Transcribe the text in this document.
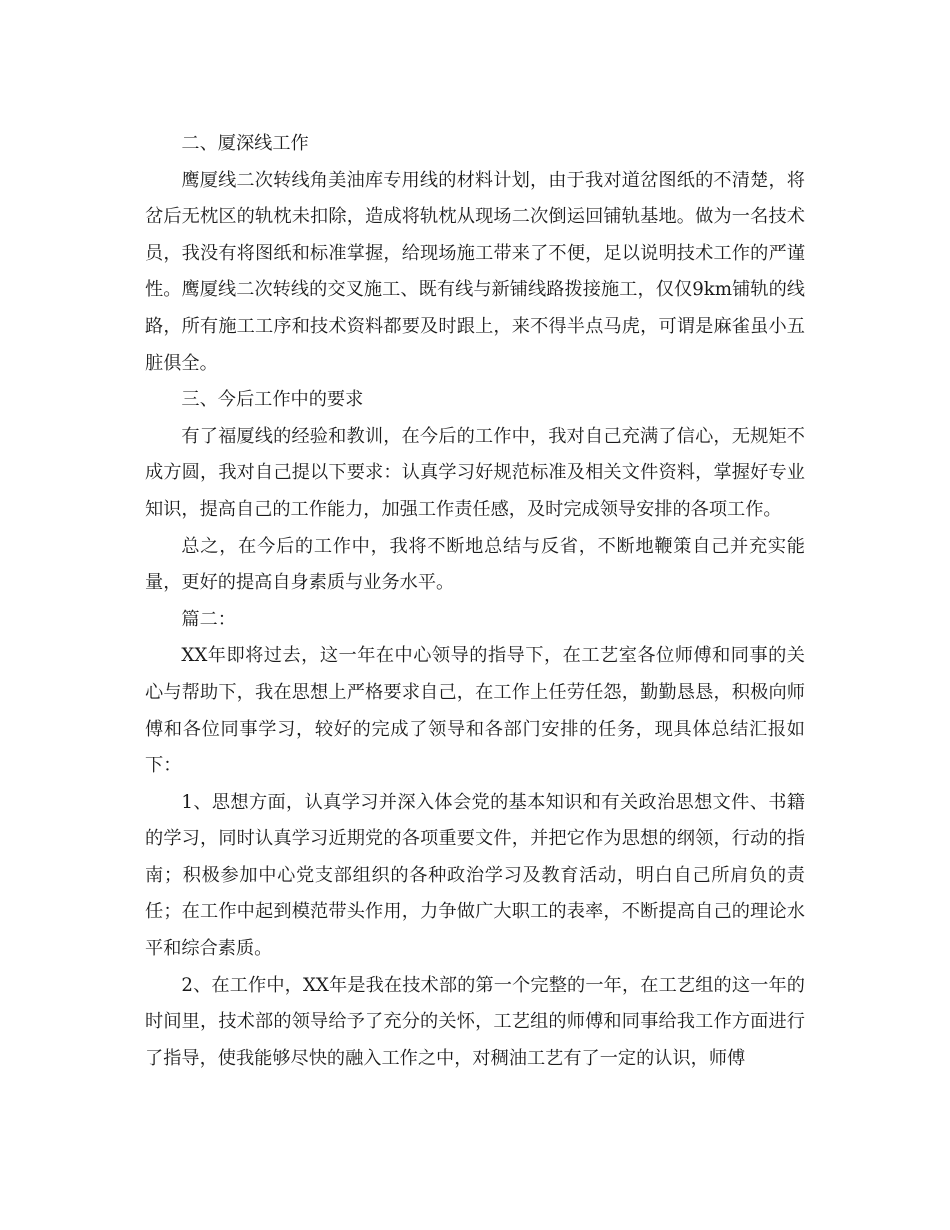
二、厦深线工作

鹰厦线二次转线角美油库专用线的材料计划，由于我对道岔图纸的不清楚，将岔后无枕区的轨枕未扣除，造成将轨枕从现场二次倒运回铺轨基地。做为一名技术员，我没有将图纸和标准掌握，给现场施工带来了不便，足以说明技术工作的严谨性。鹰厦线二次转线的交叉施工、既有线与新铺线路拨接施工，仅仅9km铺轨的线路，所有施工工序和技术资料都要及时跟上，来不得半点马虎，可谓是麻雀虽小五脏俱全。

三、今后工作中的要求

有了福厦线的经验和教训，在今后的工作中，我对自己充满了信心，无规矩不成方圆，我对自己提以下要求：认真学习好规范标准及相关文件资料，掌握好专业知识，提高自己的工作能力，加强工作责任感，及时完成领导安排的各项工作。

总之，在今后的工作中，我将不断地总结与反省，不断地鞭策自己并充实能量，更好的提高自身素质与业务水平。

篇二：

XX年即将过去，这一年在中心领导的指导下，在工艺室各位师傅和同事的关心与帮助下，我在思想上严格要求自己，在工作上任劳任怨，勤勤恳恳，积极向师傅和各位同事学习，较好的完成了领导和各部门安排的任务，现具体总结汇报如下：

1、思想方面，认真学习并深入体会党的基本知识和有关政治思想文件、书籍的学习，同时认真学习近期党的各项重要文件，并把它作为思想的纲领，行动的指南；积极参加中心党支部组织的各种政治学习及教育活动，明白自己所肩负的责任；在工作中起到模范带头作用，力争做广大职工的表率，不断提高自己的理论水平和综合素质。

2、在工作中，XX年是我在技术部的第一个完整的一年，在工艺组的这一年的时间里，技术部的领导给予了充分的关怀，工艺组的师傅和同事给我工作方面进行了指导，使我能够尽快的融入工作之中，对稠油工艺有了一定的认识，师傅
